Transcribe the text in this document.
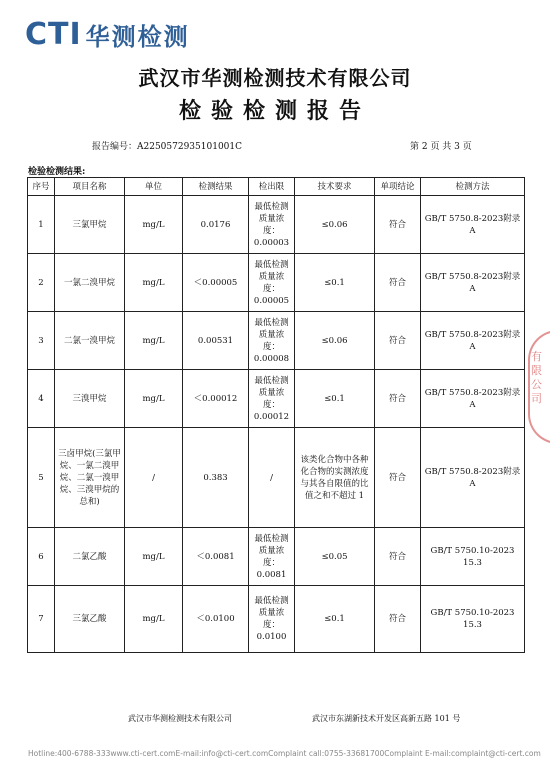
CTI 华测检测
武汉市华测检测技术有限公司
检验检测报告
报告编号：A2250572935101001C	第 2 页 共 3 页
检验检测结果:
序号	项目名称	单位	检测结果	检出限	技术要求	单项结论	检测方法
1	三氯甲烷	mg/L	0.0176	最低检测质量浓度：0.00003	≤0.06	符合	GB/T 5750.8-2023附录 A
2	一氯二溴甲烷	mg/L	＜0.00005	最低检测质量浓度：0.00005	≤0.1	符合	GB/T 5750.8-2023附录 A
3	二氯一溴甲烷	mg/L	0.00531	最低检测质量浓度：0.00008	≤0.06	符合	GB/T 5750.8-2023附录 A
4	三溴甲烷	mg/L	＜0.00012	最低检测质量浓度：0.00012	≤0.1	符合	GB/T 5750.8-2023附录 A
5	三卤甲烷(三氯甲烷、一氯二溴甲烷、二氯一溴甲烷、三溴甲烷的总和)	/	0.383	/	该类化合物中各种化合物的实测浓度与其各自限值的比值之和不超过 1	符合	GB/T 5750.8-2023附录 A
6	二氯乙酸	mg/L	＜0.0081	最低检测质量浓度：0.0081	≤0.05	符合	GB/T 5750.10-2023 15.3
7	三氯乙酸	mg/L	＜0.0100	最低检测质量浓度：0.0100	≤0.1	符合	GB/T 5750.10-2023 15.3
有限公司
武汉市华测检测技术有限公司	武汉市东湖新技术开发区高新五路 101 号
Hotline:400-6788-333 www.cti-cert.com E-mail:info@cti-cert.com Complaint call:0755-33681700 Complaint E-mail:complaint@cti-cert.com
